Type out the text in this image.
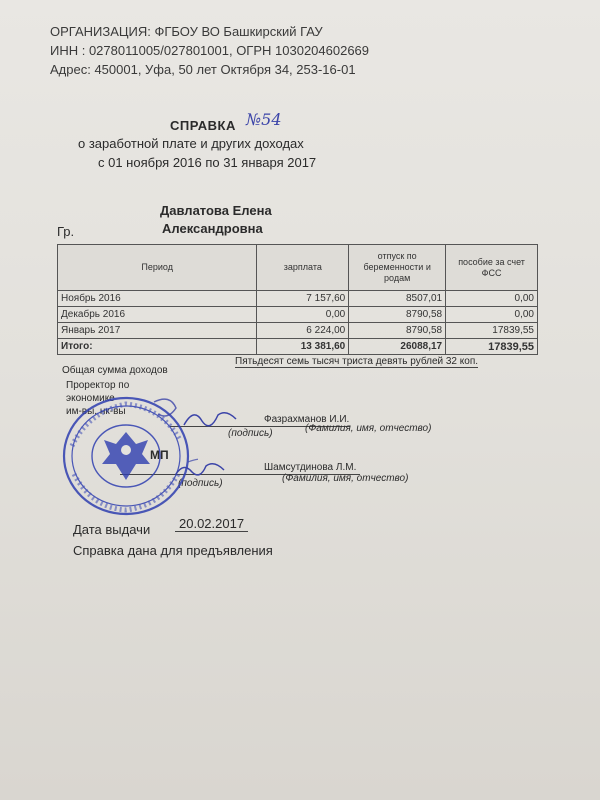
ОРГАНИЗАЦИЯ: ФГБОУ ВО Башкирский ГАУ
ИНН : 0278011005/027801001, ОГРН 1030204602669
Адрес: 450001, Уфа, 50 лет Октября 34, 253-16-01
СПРАВКА №54
о заработной плате и других доходах
с 01 ноября 2016 по 31 января 2017
Давлатова Елена
Гр.	Александровна
Период	зарплата	отпуск по беременности и родам	пособие за счет ФСС
Ноябрь 2016	7 157,60	8507,01	0,00
Декабрь 2016	0,00	8790,58	0,00
Январь 2017	6 224,00	8790,58	17839,55
Итого:	13 381,60	26088,17	17839,55
Общая сумма доходов
Пятьдесят семь тысяч триста девять рублей 32 коп.
Проректор по
экономике
им-вы, нк-вы
Фазрахманов И.И.
(подпись)	(Фамилия, имя, отчество)
МП
Шамсутдинова Л.М.
(подпись)	(Фамилия, имя, отчество)
Дата выдачи	20.02.2017
Справка дана для предъявления
